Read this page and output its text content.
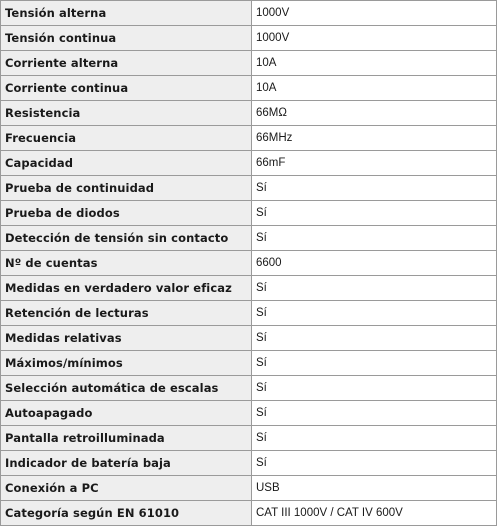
Tensión alterna	1000V
Tensión continua	1000V
Corriente alterna	10A
Corriente continua	10A
Resistencia	66MΩ
Frecuencia	66MHz
Capacidad	66mF
Prueba de continuidad	Sí
Prueba de diodos	Sí
Detección de tensión sin contacto	Sí
Nº de cuentas	6600
Medidas en verdadero valor eficaz	Sí
Retención de lecturas	Sí
Medidas relativas	Sí
Máximos/mínimos	Sí
Selección automática de escalas	Sí
Autoapagado	Sí
Pantalla retroilluminada	Sí
Indicador de batería baja	Sí
Conexión a PC	USB
Categoría según EN 61010	CAT III 1000V / CAT IV 600V
